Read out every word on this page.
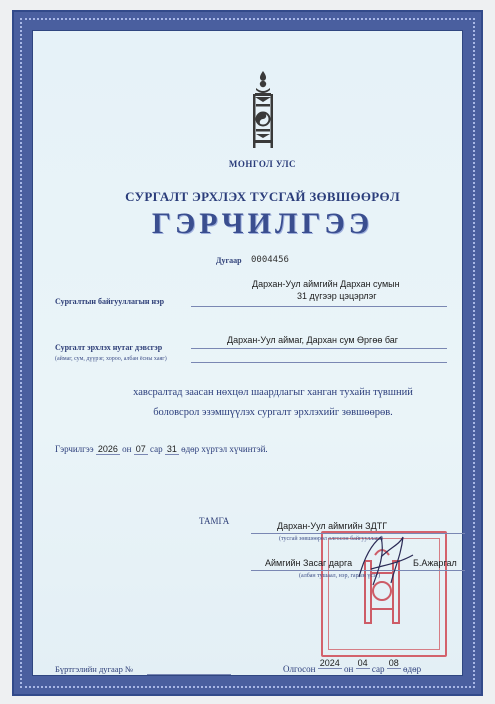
МОНГОЛ УЛС
СУРГАЛТ ЭРХЛЭХ ТУСГАЙ ЗӨВШӨӨРӨЛ
ГЭРЧИЛГЭЭ
Дугаар 0004456
Дархан-Уул аймгийн Дархан сумын
31 дүгээр цэцэрлэг
Сургалтын байгууллагын нэр
Дархан-Уул аймаг, Дархан сум Өргөө баг
Сургалт эрхлэх нутаг дэвсгэр
(аймаг, сум, дүүрэг, хороо, албан ёсны хаяг)
хавсралтад заасан нөхцөл шаардлагыг ханган тухайн түвшний
боловсрол эзэмшүүлэх сургалт эрхлэхийг зөвшөөрөв.
Гэрчилгээ 2026 он 07 сар 31 өдөр хүртэл хүчинтэй.
ТАМГА	Дархан-Уул аймгийн ЗДТГ
(тусгай зөвшөөрөл олгосон байгууллага)
Аймгийн Засаг дарга	Б.Ажаргал
(албан тушаал, нэр, гарын үсэг)
Бүртгэлийн дугаар №	Олгосон 2024 он 04 сар 08 өдөр
